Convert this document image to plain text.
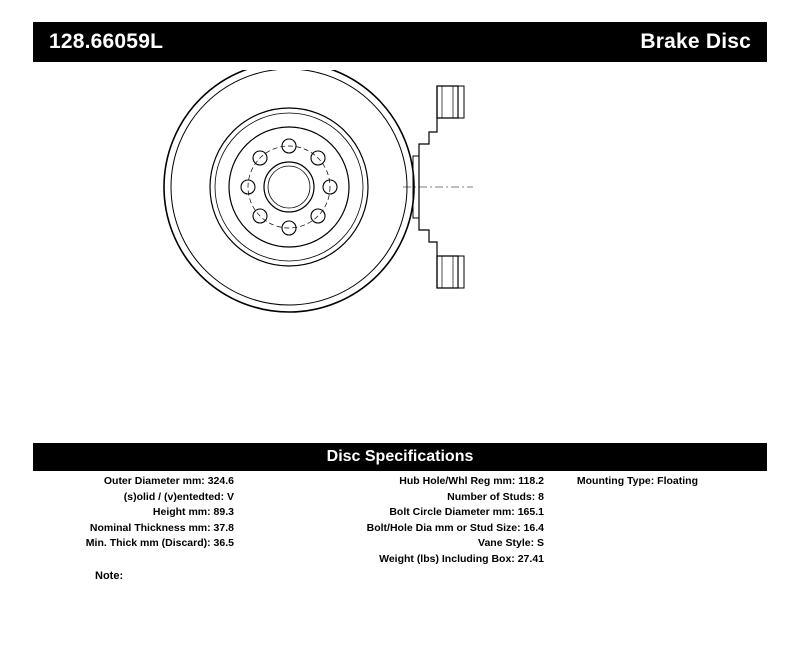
128.66059L	Brake Disc
Disc Specifications
Outer Diameter mm: 324.6
(s)olid / (v)entedted: V
Height mm: 89.3
Nominal Thickness mm: 37.8
Min. Thick mm (Discard): 36.5
Hub Hole/Whl Reg mm: 118.2
Number of Studs: 8
Bolt Circle Diameter mm: 165.1
Bolt/Hole Dia mm or Stud Size: 16.4
Vane Style: S
Weight (lbs) Including Box: 27.41
Mounting Type: Floating
Note:
